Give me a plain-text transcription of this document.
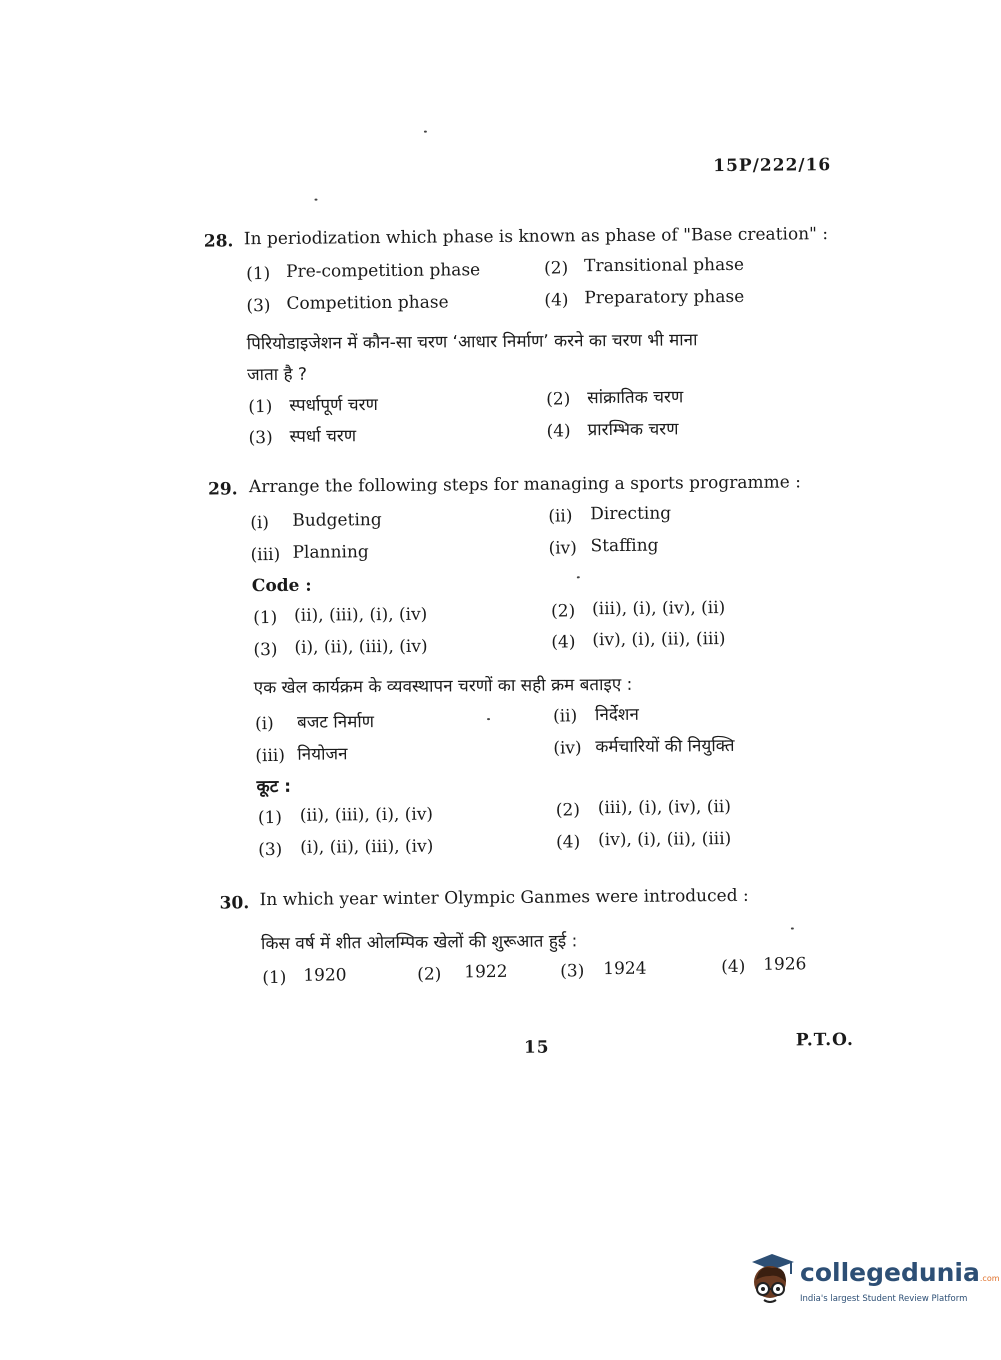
15P/222/16
28. In periodization which phase is known as phase of "Base creation" :
(1) Pre-competition phase	(2) Transitional phase
(3) Competition phase	(4) Preparatory phase
पिरियोडाइजेशन में कौन-सा चरण ‘आधार निर्माण’ करने का चरण भी माना
जाता है ?
(1) स्पर्धापूर्ण चरण	(2) सांक्रातिक चरण
(3) स्पर्धा चरण	(4) प्रारम्भिक चरण
29. Arrange the following steps for managing a sports programme :
(i) Budgeting	(ii) Directing
(iii) Planning	(iv) Staffing
Code :
(1) (ii), (iii), (i), (iv)	(2) (iii), (i), (iv), (ii)
(3) (i), (ii), (iii), (iv)	(4) (iv), (i), (ii), (iii)
एक खेल कार्यक्रम के व्यवस्थापन चरणों का सही क्रम बताइए :
(i) बजट निर्माण	(ii) निर्देशन
(iii) नियोजन	(iv) कर्मचारियों की नियुक्ति
कूट :
(1) (ii), (iii), (i), (iv)	(2) (iii), (i), (iv), (ii)
(3) (i), (ii), (iii), (iv)	(4) (iv), (i), (ii), (iii)
30. In which year winter Olympic Ganmes were introduced :
किस वर्ष में शीत ओलम्पिक खेलों की शुरूआत हुई :
(1) 1920	(2) 1922	(3) 1924	(4) 1926
15	P.T.O.
collegedunia.com
India's largest Student Review Platform
